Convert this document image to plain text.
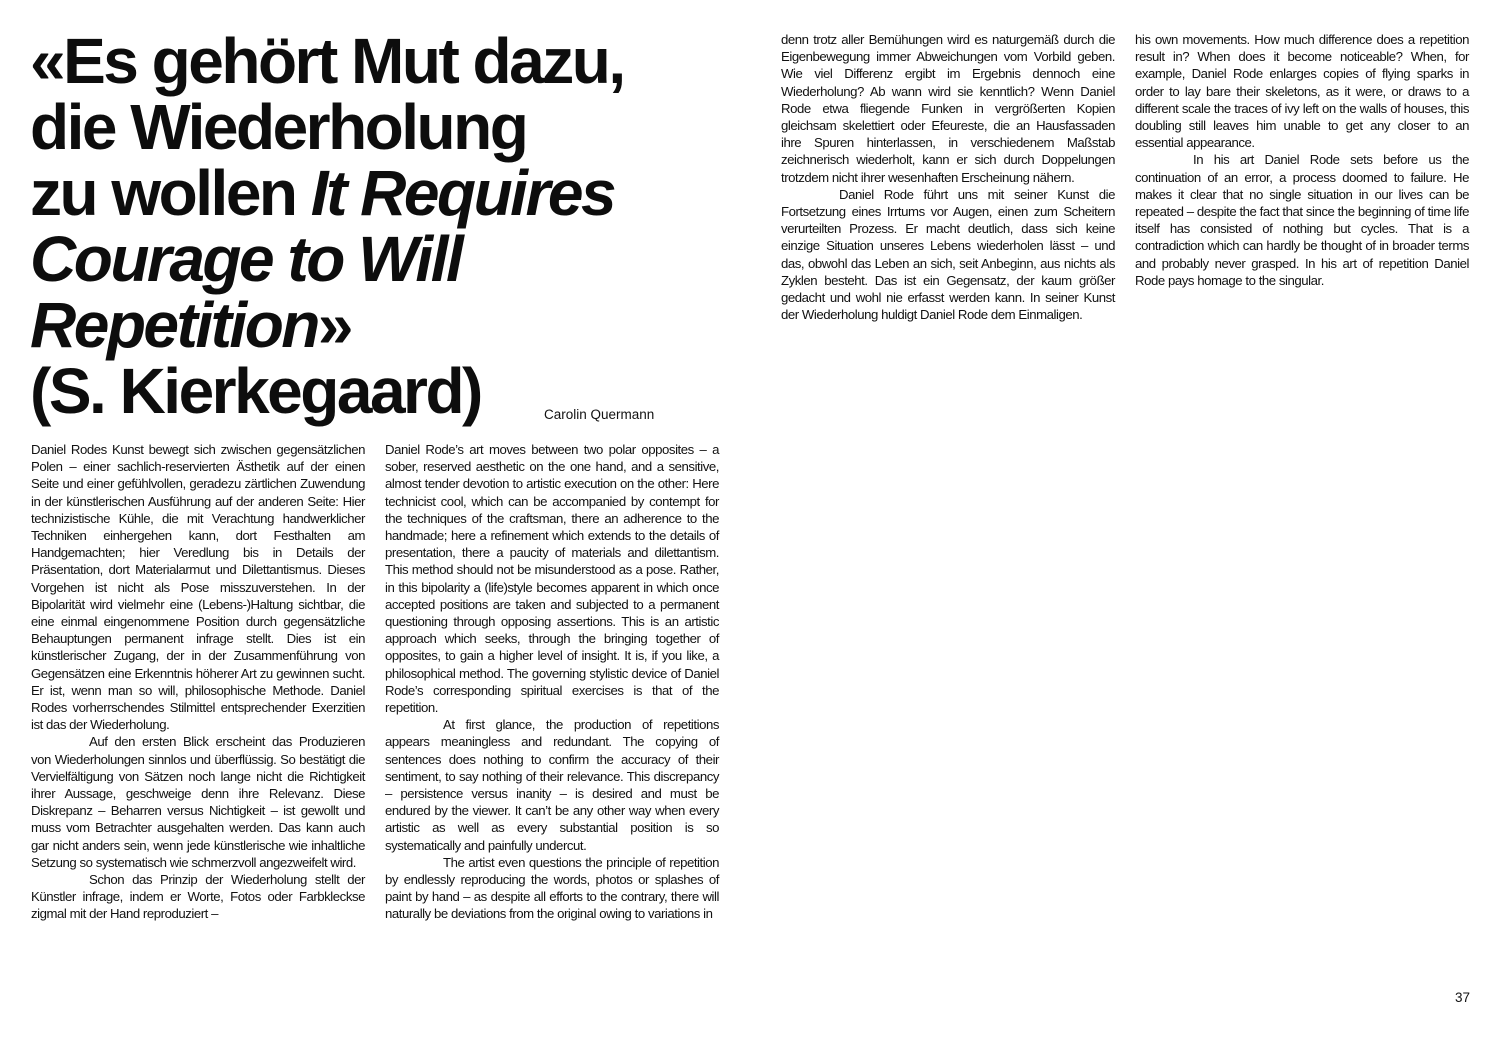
«Es gehört Mut dazu,
die Wiederholung
zu wollen It Requires
Courage to Will
Repetition»
(S. Kierkegaard)	Carolin Quermann

Daniel Rodes Kunst bewegt sich zwischen gegensätzlichen Polen – einer sachlich-reservierten Ästhetik auf der einen Seite und einer gefühlvollen, geradezu zärtlichen Zuwendung in der künstlerischen Ausführung auf der anderen Seite: Hier technizistische Kühle, die mit Verachtung handwerklicher Techniken einhergehen kann, dort Festhalten am Handgemachten; hier Veredlung bis in Details der Präsentation, dort Materialarmut und Dilettantismus. Dieses Vorgehen ist nicht als Pose misszuverstehen. In der Bipolarität wird vielmehr eine (Lebens-)Haltung sichtbar, die eine einmal eingenommene Position durch gegensätzliche Behauptungen permanent infrage stellt. Dies ist ein künstlerischer Zugang, der in der Zusammenführung von Gegensätzen eine Erkenntnis höherer Art zu gewinnen sucht. Er ist, wenn man so will, philosophische Methode. Daniel Rodes vorherrschendes Stilmittel entsprechender Exerzitien ist das der Wiederholung.

Auf den ersten Blick erscheint das Produzieren von Wiederholungen sinnlos und überflüssig. So bestätigt die Vervielfältigung von Sätzen noch lange nicht die Richtigkeit ihrer Aussage, geschweige denn ihre Relevanz. Diese Diskrepanz – Beharren versus Nichtigkeit – ist gewollt und muss vom Betrachter ausgehalten werden. Das kann auch gar nicht anders sein, wenn jede künstlerische wie inhaltliche Setzung so systematisch wie schmerzvoll angezweifelt wird.

Schon das Prinzip der Wiederholung stellt der Künstler infrage, indem er Worte, Fotos oder Farbkleckse zigmal mit der Hand reproduziert –

Daniel Rode’s art moves between two polar opposites – a sober, reserved aesthetic on the one hand, and a sensitive, almost tender devotion to artistic execution on the other: Here technicist cool, which can be accompanied by contempt for the techniques of the craftsman, there an adherence to the handmade; here a refinement which extends to the details of presentation, there a paucity of materials and dilettantism. This method should not be misunderstood as a pose. Rather, in this bipolarity a (life)style becomes apparent in which once accepted positions are taken and subjected to a permanent questioning through opposing assertions. This is an artistic approach which seeks, through the bringing together of opposites, to gain a higher level of insight. It is, if you like, a philosophical method. The governing stylistic device of Daniel Rode’s corresponding spiritual exercises is that of the repetition.

At first glance, the production of repetitions appears meaningless and redundant. The copying of sentences does nothing to confirm the accuracy of their sentiment, to say nothing of their relevance. This discrepancy – persistence versus inanity – is desired and must be endured by the viewer. It can’t be any other way when every artistic as well as every substantial position is so systematically and painfully undercut.

The artist even questions the principle of repetition by endlessly reproducing the words, photos or splashes of paint by hand – as despite all efforts to the contrary, there will naturally be deviations from the original owing to variations in

denn trotz aller Bemühungen wird es naturgemäß durch die Eigenbewegung immer Abweichungen vom Vorbild geben. Wie viel Differenz ergibt im Ergebnis dennoch eine Wiederholung? Ab wann wird sie kenntlich? Wenn Daniel Rode etwa fliegende Funken in vergrößerten Kopien gleichsam skelettiert oder Efeureste, die an Hausfassaden ihre Spuren hinterlassen, in verschiedenem Maßstab zeichnerisch wiederholt, kann er sich durch Doppelungen trotzdem nicht ihrer wesenhaften Erscheinung nähern.

Daniel Rode führt uns mit seiner Kunst die Fortsetzung eines Irrtums vor Augen, einen zum Scheitern verurteilten Prozess. Er macht deutlich, dass sich keine einzige Situation unseres Lebens wiederholen lässt – und das, obwohl das Leben an sich, seit Anbeginn, aus nichts als Zyklen besteht. Das ist ein Gegensatz, der kaum größer gedacht und wohl nie erfasst werden kann. In seiner Kunst der Wiederholung huldigt Daniel Rode dem Einmaligen.

his own movements. How much difference does a repetition result in? When does it become noticeable? When, for example, Daniel Rode enlarges copies of flying sparks in order to lay bare their skeletons, as it were, or draws to a different scale the traces of ivy left on the walls of houses, this doubling still leaves him unable to get any closer to an essential appearance.

In his art Daniel Rode sets before us the continuation of an error, a process doomed to failure. He makes it clear that no single situation in our lives can be repeated – despite the fact that since the beginning of time life itself has consisted of nothing but cycles. That is a contradiction which can hardly be thought of in broader terms and probably never grasped. In his art of repetition Daniel Rode pays homage to the singular.

37
